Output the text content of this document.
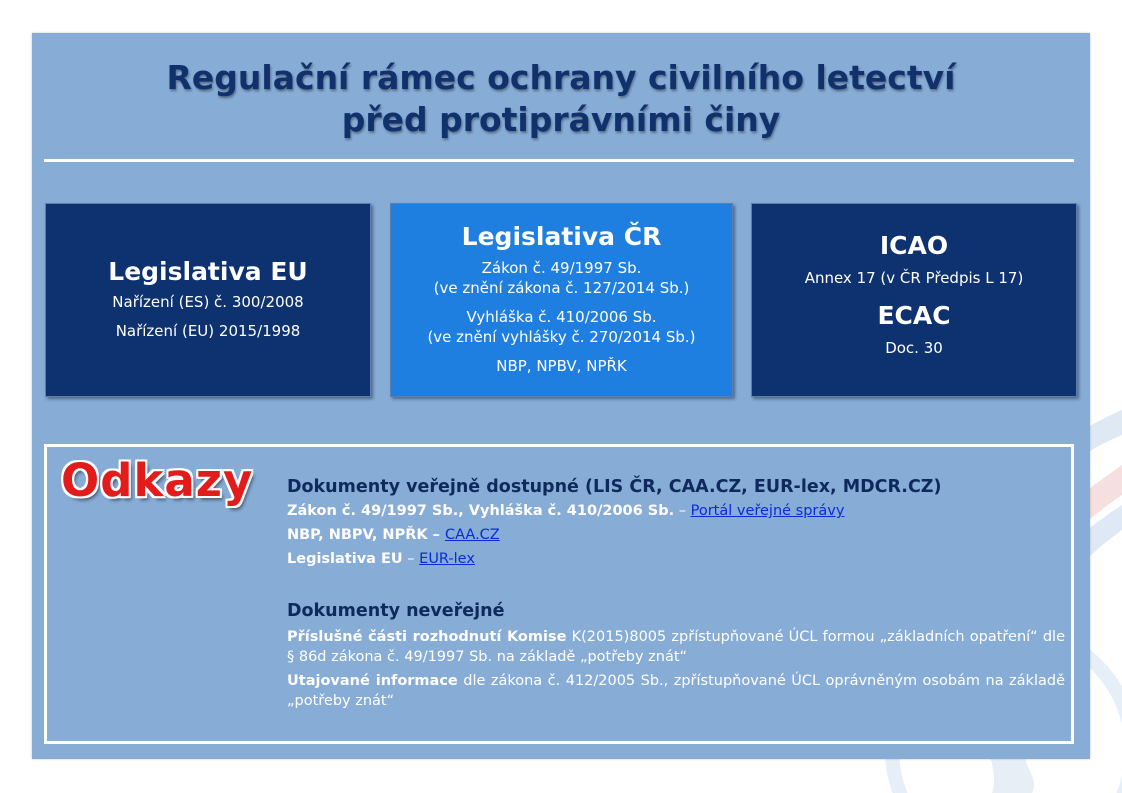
Regulační rámec ochrany civilního letectví
před protiprávními činy
Legislativa EU
Nařízení (ES) č. 300/2008
Nařízení (EU) 2015/1998
Legislativa ČR
Zákon č. 49/1997 Sb.
(ve znění zákona č. 127/2014 Sb.)
Vyhláška č. 410/2006 Sb.
(ve znění vyhlášky č. 270/2014 Sb.)
NBP, NPBV, NPŘK
ICAO
Annex 17 (v ČR Předpis L 17)
ECAC
Doc. 30
Odkazy Dokumenty veřejně dostupné (LIS ČR, CAA.CZ, EUR-lex, MDCR.CZ)
Zákon č. 49/1997 Sb., Vyhláška č. 410/2006 Sb. – Portál veřejné správy
NBP, NBPV, NPŘK – CAA.CZ
Legislativa EU – EUR-lex
Dokumenty neveřejné
Příslušné části rozhodnutí Komise K(2015)8005 zpřístupňované ÚCL formou „základních opatření“ dle § 86d zákona č. 49/1997 Sb. na základě „potřeby znát“
Utajované informace dle zákona č. 412/2005 Sb., zpřístupňované ÚCL oprávněným osobám na základě „potřeby znát“
